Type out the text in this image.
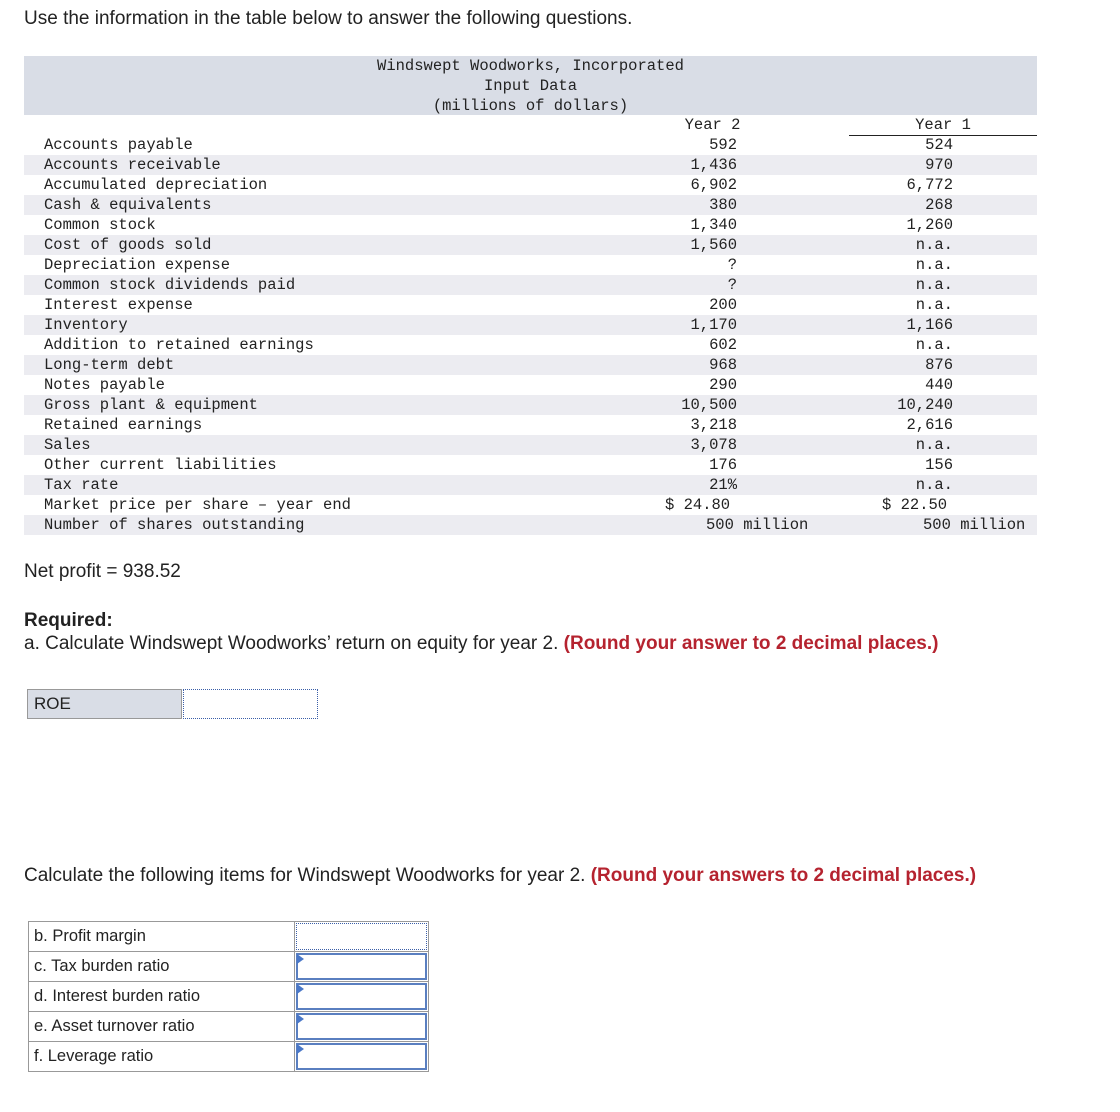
Use the information in the table below to answer the following questions.
Windswept Woodworks, Incorporated
Input Data
(millions of dollars)
Year 2	Year 1
Accounts payable	592	524
Accounts receivable	1,436	970
Accumulated depreciation	6,902	6,772
Cash & equivalents	380	268
Common stock	1,340	1,260
Cost of goods sold	1,560	n.a.
Depreciation expense	?	n.a.
Common stock dividends paid	?	n.a.
Interest expense	200	n.a.
Inventory	1,170	1,166
Addition to retained earnings	602	n.a.
Long-term debt	968	876
Notes payable	290	440
Gross plant & equipment	10,500	10,240
Retained earnings	3,218	2,616
Sales	3,078	n.a.
Other current liabilities	176	156
Tax rate	21%	n.a.
Market price per share – year end	$ 24.80	$ 22.50
Number of shares outstanding	500 million	500 million
Net profit = 938.52
Required:
a. Calculate Windswept Woodworks’ return on equity for year 2. (Round your answer to 2 decimal places.)
ROE
Calculate the following items for Windswept Woodworks for year 2. (Round your answers to 2 decimal places.)
b. Profit margin	

c. Tax burden ratio	

d. Interest burden ratio	

e. Asset turnover ratio	

f. Leverage ratio	
